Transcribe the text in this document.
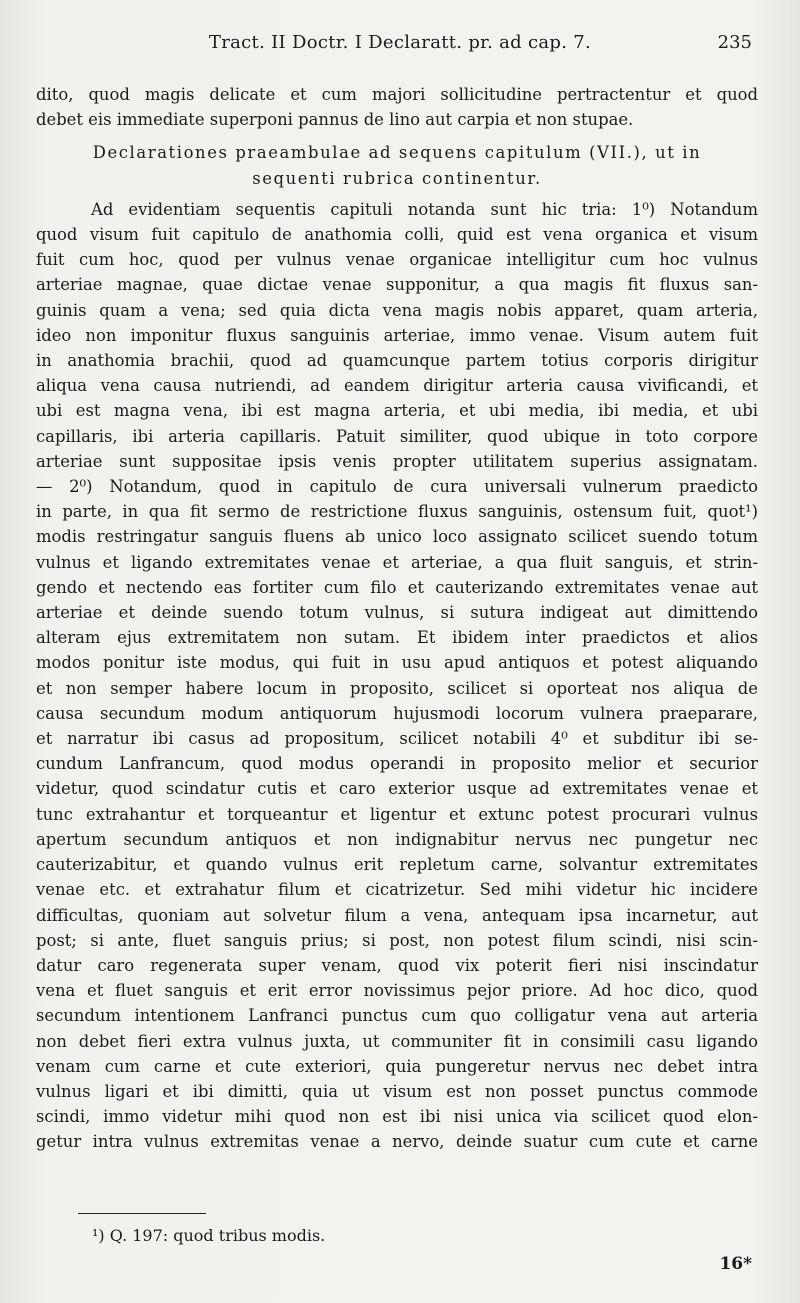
Tract. II Doctr. I Declaratt. pr. ad cap. 7.	235
dito, quod magis delicate et cum majori sollicitudine pertractentur et quod
debet eis immediate superponi pannus de lino aut carpia et non stupae.
Declarationes praeambulae ad sequens capitulum (VII.), ut in
sequenti rubrica continentur.
Ad evidentiam sequentis capituli notanda sunt hic tria: 1⁰) Notandum
quod visum fuit capitulo de anathomia colli, quid est vena organica et visum
fuit cum hoc, quod per vulnus venae organicae intelligitur cum hoc vulnus
arteriae magnae, quae dictae venae supponitur, a qua magis fit fluxus san-
guinis quam a vena; sed quia dicta vena magis nobis apparet, quam arteria,
ideo non imponitur fluxus sanguinis arteriae, immo venae. Visum autem fuit
in anathomia brachii, quod ad quamcunque partem totius corporis dirigitur
aliqua vena causa nutriendi, ad eandem dirigitur arteria causa vivificandi, et
ubi est magna vena, ibi est magna arteria, et ubi media, ibi media, et ubi
capillaris, ibi arteria capillaris. Patuit similiter, quod ubique in toto corpore
arteriae sunt suppositae ipsis venis propter utilitatem superius assignatam.
— 2⁰) Notandum, quod in capitulo de cura universali vulnerum praedicto
in parte, in qua fit sermo de restrictione fluxus sanguinis, ostensum fuit, quot¹)
modis restringatur sanguis fluens ab unico loco assignato scilicet suendo totum
vulnus et ligando extremitates venae et arteriae, a qua fluit sanguis, et strin-
gendo et nectendo eas fortiter cum filo et cauterizando extremitates venae aut
arteriae et deinde suendo totum vulnus, si sutura indigeat aut dimittendo
alteram ejus extremitatem non sutam. Et ibidem inter praedictos et alios
modos ponitur iste modus, qui fuit in usu apud antiquos et potest aliquando
et non semper habere locum in proposito, scilicet si oporteat nos aliqua de
causa secundum modum antiquorum hujusmodi locorum vulnera praeparare,
et narratur ibi casus ad propositum, scilicet notabili 4⁰ et subditur ibi se-
cundum Lanfrancum, quod modus operandi in proposito melior et securior
videtur, quod scindatur cutis et caro exterior usque ad extremitates venae et
tunc extrahantur et torqueantur et ligentur et extunc potest procurari vulnus
apertum secundum antiquos et non indignabitur nervus nec pungetur nec
cauterizabitur, et quando vulnus erit repletum carne, solvantur extremitates
venae etc. et extrahatur filum et cicatrizetur. Sed mihi videtur hic incidere
difficultas, quoniam aut solvetur filum a vena, antequam ipsa incarnetur, aut
post; si ante, fluet sanguis prius; si post, non potest filum scindi, nisi scin-
datur caro regenerata super venam, quod vix poterit fieri nisi inscindatur
vena et fluet sanguis et erit error novissimus pejor priore. Ad hoc dico, quod
secundum intentionem Lanfranci punctus cum quo colligatur vena aut arteria
non debet fieri extra vulnus juxta, ut communiter fit in consimili casu ligando
venam cum carne et cute exteriori, quia pungeretur nervus nec debet intra
vulnus ligari et ibi dimitti, quia ut visum est non posset punctus commode
scindi, immo videtur mihi quod non est ibi nisi unica via scilicet quod elon-
getur intra vulnus extremitas venae a nervo, deinde suatur cum cute et carne
¹) Q. 197: quod tribus modis.
16*
